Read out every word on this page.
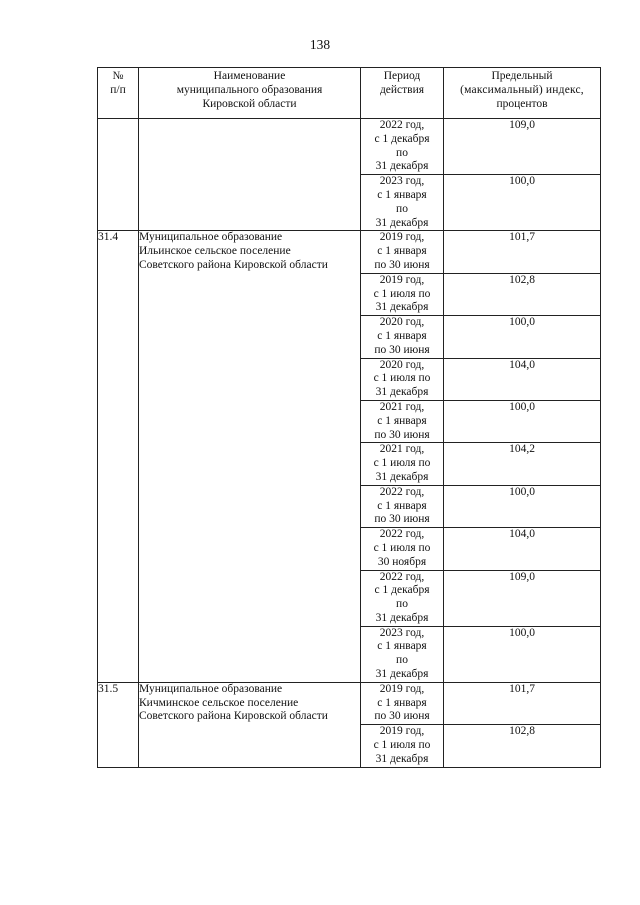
138
№
п/п	Наименование
муниципального образования
Кировской области	Период
действия	Предельный
(максимальный) индекс,
процентов

		2022 год,
с 1 декабря
по
31 декабря	109,0

		2023 год,
с 1 января
по
31 декабря	100,0
31.4	Муниципальное образование
Ильинское сельское поселение
Советского района Кировской области	2019 год,
с 1 января
по 30 июня	101,7

		2019 год,
с 1 июля по
31 декабря	102,8

		2020 год,
с 1 января
по 30 июня	100,0

		2020 год,
с 1 июля по
31 декабря	104,0

		2021 год,
с 1 января
по 30 июня	100,0

		2021 год,
с 1 июля по
31 декабря	104,2

		2022 год,
с 1 января
по 30 июня	100,0

		2022 год,
с 1 июля по
30 ноября	104,0

		2022 год,
с 1 декабря
по
31 декабря	109,0

		2023 год,
с 1 января
по
31 декабря	100,0
31.5	Муниципальное образование
Кичминское сельское поселение
Советского района Кировской области	2019 год,
с 1 января
по 30 июня	101,7

		2019 год,
с 1 июля по
31 декабря	102,8
